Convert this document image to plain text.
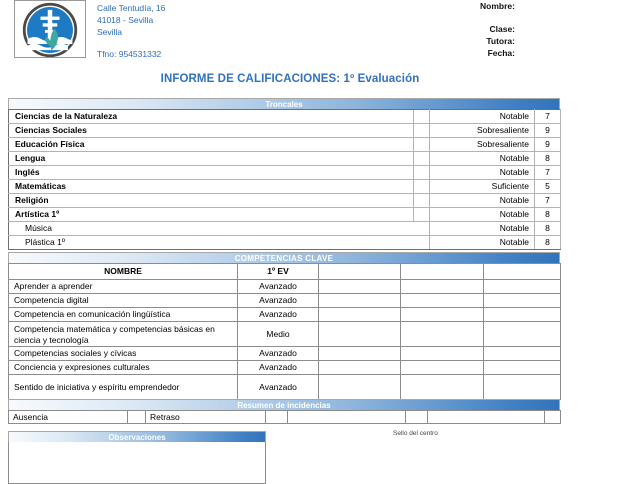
Calle Tentudía, 16
41018 - Sevilla
Sevilla
Tfno: 954531332
Nombre:
Clase:
Tutora:
Fecha:
INFORME DE CALIFICACIONES: 1º Evaluación
Troncales
Ciencias de la Naturaleza		Notable	7
Ciencias Sociales		Sobresaliente	9
Educación Física		Sobresaliente	9
Lengua		Notable	8
Inglés		Notable	7
Matemáticas		Suficiente	5
Religión		Notable	7
Artística 1º		Notable	8
Música		Notable	8
Plástica 1º		Notable	8
COMPETENCIAS CLAVE
NOMBRE	1º EV			
Aprender a aprender	Avanzado			
Competencia digital	Avanzado			
Competencia en comunicación lingüística	Avanzado			
Competencia matemática y competencias básicas en ciencia y tecnología	Medio			
Competencias sociales y cívicas	Avanzado			
Conciencia y expresiones culturales	Avanzado			
Sentido de iniciativa y espíritu emprendedor	Avanzado			
Resumen de incidencias
Ausencia		Retraso					
Observaciones	Sello del centro
